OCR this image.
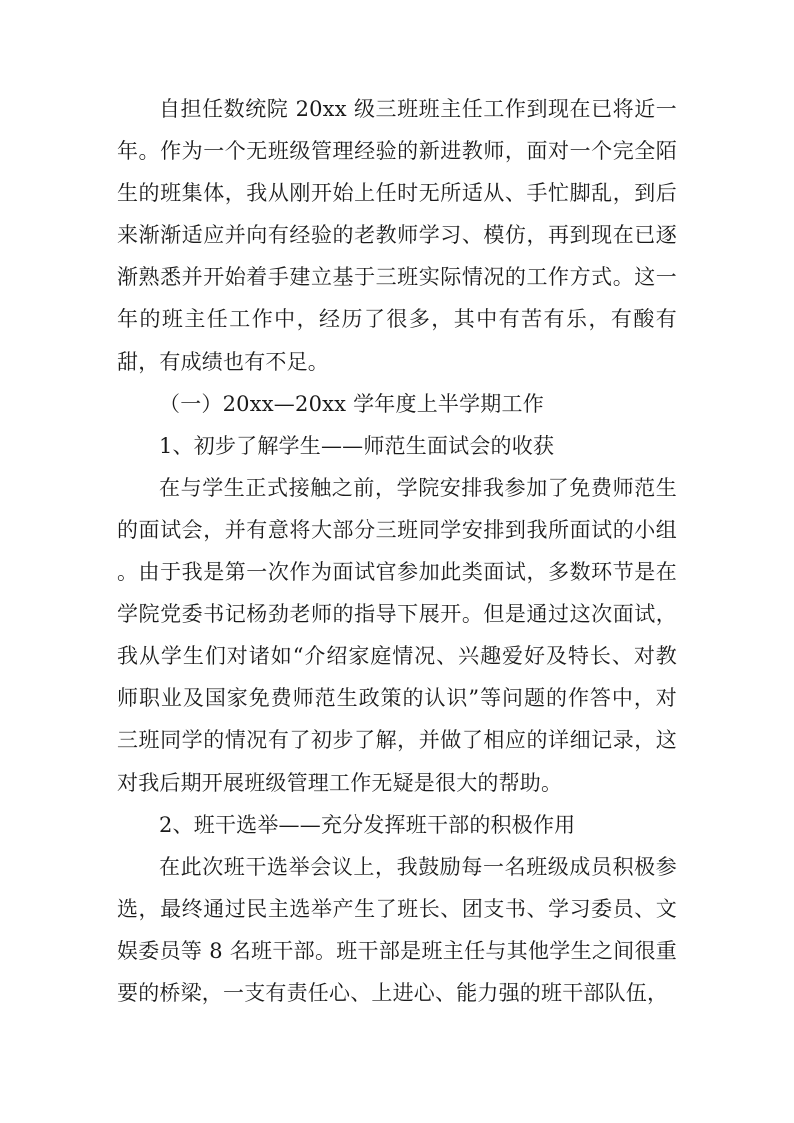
自担任数统院 20xx 级三班班主任工作到现在已将近一年。作为一个无班级管理经验的新进教师，面对一个完全陌生的班集体，我从刚开始上任时无所适从、手忙脚乱，到后来渐渐适应并向有经验的老教师学习、模仿，再到现在已逐渐熟悉并开始着手建立基于三班实际情况的工作方式。这一年的班主任工作中，经历了很多，其中有苦有乐，有酸有甜，有成绩也有不足。

（一）20xx—20xx 学年度上半学期工作

1、初步了解学生——师范生面试会的收获

在与学生正式接触之前，学院安排我参加了免费师范生的面试会，并有意将大部分三班同学安排到我所面试的小组 。由于我是第一次作为面试官参加此类面试，多数环节是在学院党委书记杨劲老师的指导下展开。但是通过这次面试，我从学生们对诸如“介绍家庭情况、兴趣爱好及特长、对教师职业及国家免费师范生政策的认识”等问题的作答中，对三班同学的情况有了初步了解，并做了相应的详细记录，这对我后期开展班级管理工作无疑是很大的帮助。

2、班干选举——充分发挥班干部的积极作用

在此次班干选举会议上，我鼓励每一名班级成员积极参选，最终通过民主选举产生了班长、团支书、学习委员、文娱委员等 8 名班干部。班干部是班主任与其他学生之间很重要的桥梁，一支有责任心、上进心、能力强的班干部队伍，
